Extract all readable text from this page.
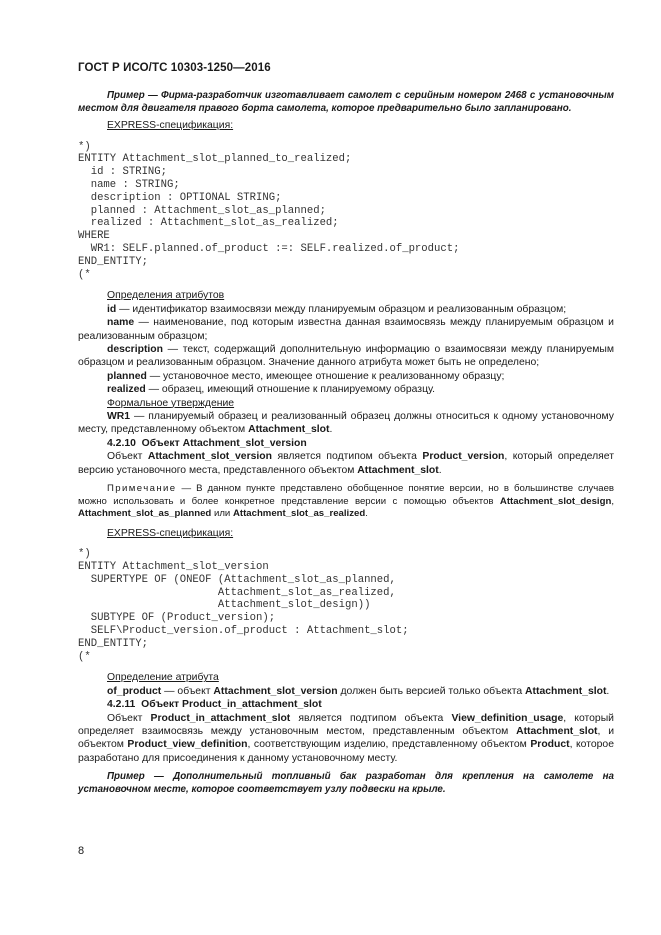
ГОСТ Р ИСО/ТС 10303-1250—2016

Пример — Фирма-разработчик изготавливает самолет с серийным номером 2468 с установочным местом для двигателя правого борта самолета, которое предварительно было запланировано.

EXPRESS-спецификация:

*)
ENTITY Attachment_slot_planned_to_realized;
id : STRING;
name : STRING;
description : OPTIONAL STRING;
planned : Attachment_slot_as_planned;
realized : Attachment_slot_as_realized;
WHERE
WR1: SELF.planned.of_product :=: SELF.realized.of_product;
END_ENTITY;
(*

Определения атрибутов

id — идентификатор взаимосвязи между планируемым образцом и реализованным образцом;

name — наименование, под которым известна данная взаимосвязь между планируемым образцом и реализованным образцом;

description — текст, содержащий дополнительную информацию о взаимосвязи между планируемым образцом и реализованным образцом. Значение данного атрибута может быть не определено;

planned — установочное место, имеющее отношение к реализованному образцу;

realized — образец, имеющий отношение к планируемому образцу.

Формальное утверждение

WR1 — планируемый образец и реализованный образец должны относиться к одному установочному месту, представленному объектом Attachment_slot.

4.2.10 Объект Attachment_slot_version

Объект Attachment_slot_version является подтипом объекта Product_version, который определяет версию установочного места, представленного объектом Attachment_slot.

Примечание — В данном пункте представлено обобщенное понятие версии, но в большинстве случаев можно использовать и более конкретное представление версии с помощью объектов Attachment_slot_design, Attachment_slot_as_planned или Attachment_slot_as_realized.

EXPRESS-спецификация:

*)
ENTITY Attachment_slot_version
SUPERTYPE OF (ONEOF (Attachment_slot_as_planned,
Attachment_slot_as_realized,
Attachment_slot_design))
SUBTYPE OF (Product_version);
SELF\Product_version.of_product : Attachment_slot;
END_ENTITY;
(*

Определение атрибута

of_product — объект Attachment_slot_version должен быть версией только объекта Attachment_slot.

4.2.11 Объект Product_in_attachment_slot

Объект Product_in_attachment_slot является подтипом объекта View_definition_usage, который определяет взаимосвязь между установочным местом, представленным объектом Attachment_slot, и объектом Product_view_definition, соответствующим изделию, представленному объектом Product, которое разработано для присоединения к данному установочному месту.

Пример — Дополнительный топливный бак разработан для крепления на самолете на установочном месте, которое соответствует узлу подвески на крыле.

8
